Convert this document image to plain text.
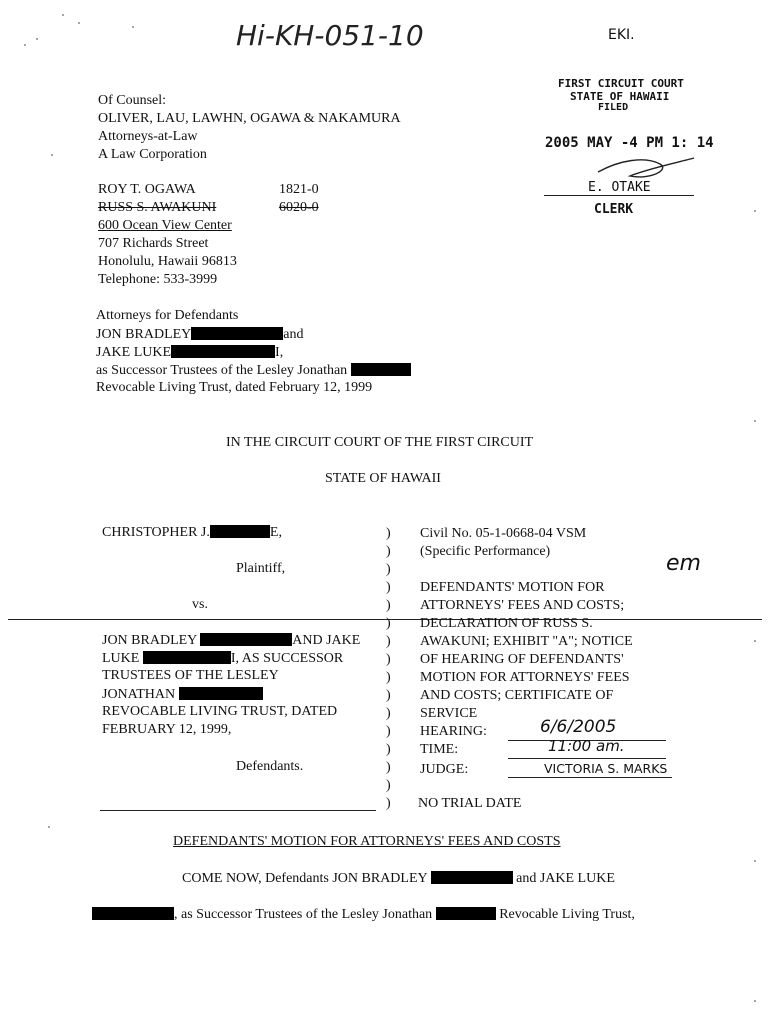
Hi-KH-051-10	EKI.
FIRST CIRCUIT COURT
STATE OF HAWAII
FILED
2005 MAY -4 PM 1: 14
E. OTAKE
CLERK
Of Counsel:
OLIVER, LAU, LAWHN, OGAWA & NAKAMURA
Attorneys-at-Law
A Law Corporation
ROY T. OGAWA	1821-0
RUSS S. AWAKUNI	6020-0
600 Ocean View Center
707 Richards Street
Honolulu, Hawaii 96813
Telephone: 533-3999
Attorneys for Defendants
JON BRADLEY	and
JAKE LUKE	I,
as Successor Trustees of the Lesley Jonathan
Revocable Living Trust, dated February 12, 1999
IN THE CIRCUIT COURT OF THE FIRST CIRCUIT
STATE OF HAWAII
CHRISTOPHER J.	E,
Plaintiff,
vs.
JON BRADLEY	AND JAKE
LUKE	I, AS SUCCESSOR
TRUSTEES OF THE LESLEY
JONATHAN
REVOCABLE LIVING TRUST, DATED
FEBRUARY 12, 1999,
Defendants.
)
)
)
)
)
)
)
)
)
)
)
)
)
)
)
)
Civil No. 05-1-0668-04 VSM
(Specific Performance)	em
DEFENDANTS' MOTION FOR
ATTORNEYS' FEES AND COSTS;
DECLARATION OF RUSS S.
AWAKUNI; EXHIBIT "A"; NOTICE
OF HEARING OF DEFENDANTS'
MOTION FOR ATTORNEYS' FEES
AND COSTS; CERTIFICATE OF
SERVICE
HEARING:	6/6/2005
TIME:	11:00 am.
JUDGE:	VICTORIA S. MARKS
NO TRIAL DATE
DEFENDANTS' MOTION FOR ATTORNEYS' FEES AND COSTS
COME NOW, Defendants JON BRADLEY	and JAKE LUKE
, as Successor Trustees of the Lesley Jonathan	Revocable Living Trust,
